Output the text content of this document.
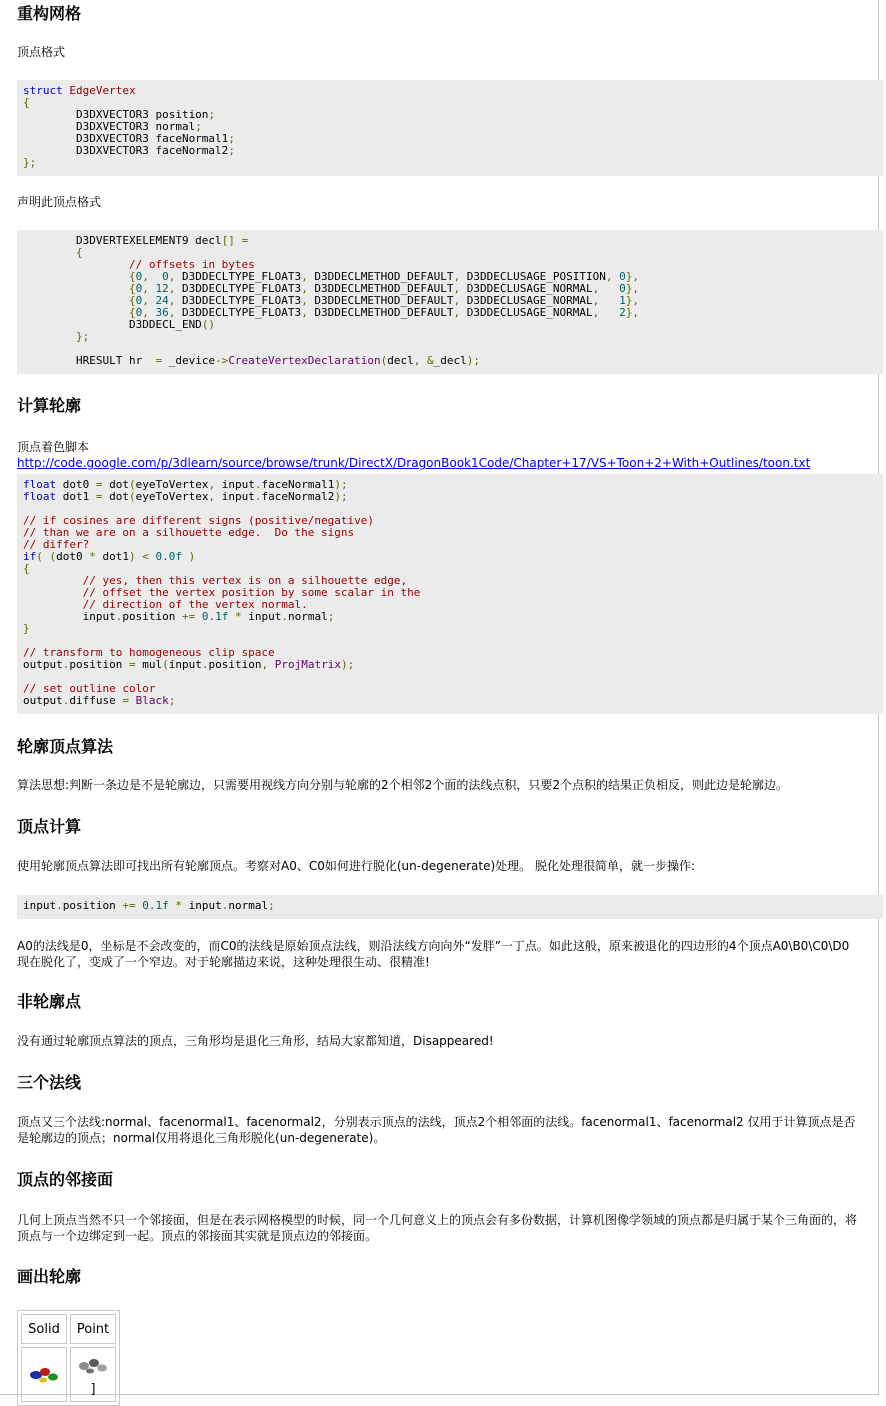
重构网格

顶点格式

struct EdgeVertex
{
D3DXVECTOR3 position;
D3DXVECTOR3 normal;
D3DXVECTOR3 faceNormal1;
D3DXVECTOR3 faceNormal2;
};

声明此顶点格式

D3DVERTEXELEMENT9 decl[] =
{
// offsets in bytes
{0, 0, D3DDECLTYPE_FLOAT3, D3DDECLMETHOD_DEFAULT, D3DDECLUSAGE_POSITION, 0},
{0, 12, D3DDECLTYPE_FLOAT3, D3DDECLMETHOD_DEFAULT, D3DDECLUSAGE_NORMAL, 0},
{0, 24, D3DDECLTYPE_FLOAT3, D3DDECLMETHOD_DEFAULT, D3DDECLUSAGE_NORMAL, 1},
{0, 36, D3DDECLTYPE_FLOAT3, D3DDECLMETHOD_DEFAULT, D3DDECLUSAGE_NORMAL, 2},
D3DDECL_END()
};

HRESULT hr  = _device->CreateVertexDeclaration(decl, &_decl);
计算轮廓

顶点着色脚本  http://code.google.com/p/3dlearn/source/browse/trunk/DirectX/DragonBook1Code/Chapter+17/VS+Toon+2+With+Outlines/toon.txt

float dot0 = dot(eyeToVertex, input.faceNormal1);
float dot1 = dot(eyeToVertex, input.faceNormal2);

// if cosines are different signs (positive/negative)
// than we are on a silhouette edge.  Do the signs
// differ?
if( (dot0 * dot1) < 0.0f )
{
// yes, then this vertex is on a silhouette edge,
// offset the vertex position by some scalar in the
// direction of the vertex normal.
input.position += 0.1f * input.normal;
}

// transform to homogeneous clip space
output.position = mul(input.position, ProjMatrix);

// set outline color
output.diffuse = Black;
轮廓顶点算法

算法思想:判断一条边是不是轮廓边，只需要用视线方向分别与轮廓的2个相邻2个面的法线点积，只要2个点积的结果正负相反，则此边是轮廓边。

顶点计算

使用轮廓顶点算法即可找出所有轮廓顶点。考察对A0、C0如何进行脱化(un-degenerate)处理。 脱化处理很简单，就一步操作:

input.position += 0.1f * input.normal;

A0的法线是0，坐标是不会改变的，而C0的法线是原始顶点法线，则沿法线方向向外“发胖”一丁点。如此这般，原来被退化的四边形的4个顶点A0\B0\C0\D0 现在脱化了，变成了一个窄边。对于轮廓描边来说，这种处理很生动、很精准!

非轮廓点

没有通过轮廓顶点算法的顶点，三角形均是退化三角形，结局大家都知道，Disappeared!

三个法线

顶点又三个法线:normal、facenormal1、facenormal2，分别表示顶点的法线，顶点2个相邻面的法线。facenormal1、facenormal2 仅用于计算顶点是否是轮廓边的顶点；normal仅用将退化三角形脱化(un-degenerate)。

顶点的邻接面

几何上顶点当然不只一个邻接面，但是在表示网格模型的时候，同一个几何意义上的顶点会有多份数据，计算机图像学领域的顶点都是归属于某个三角面的，将顶点与一个边绑定到一起。顶点的邻接面其实就是顶点边的邻接面。

画出轮廓
Solid	Point
	]
